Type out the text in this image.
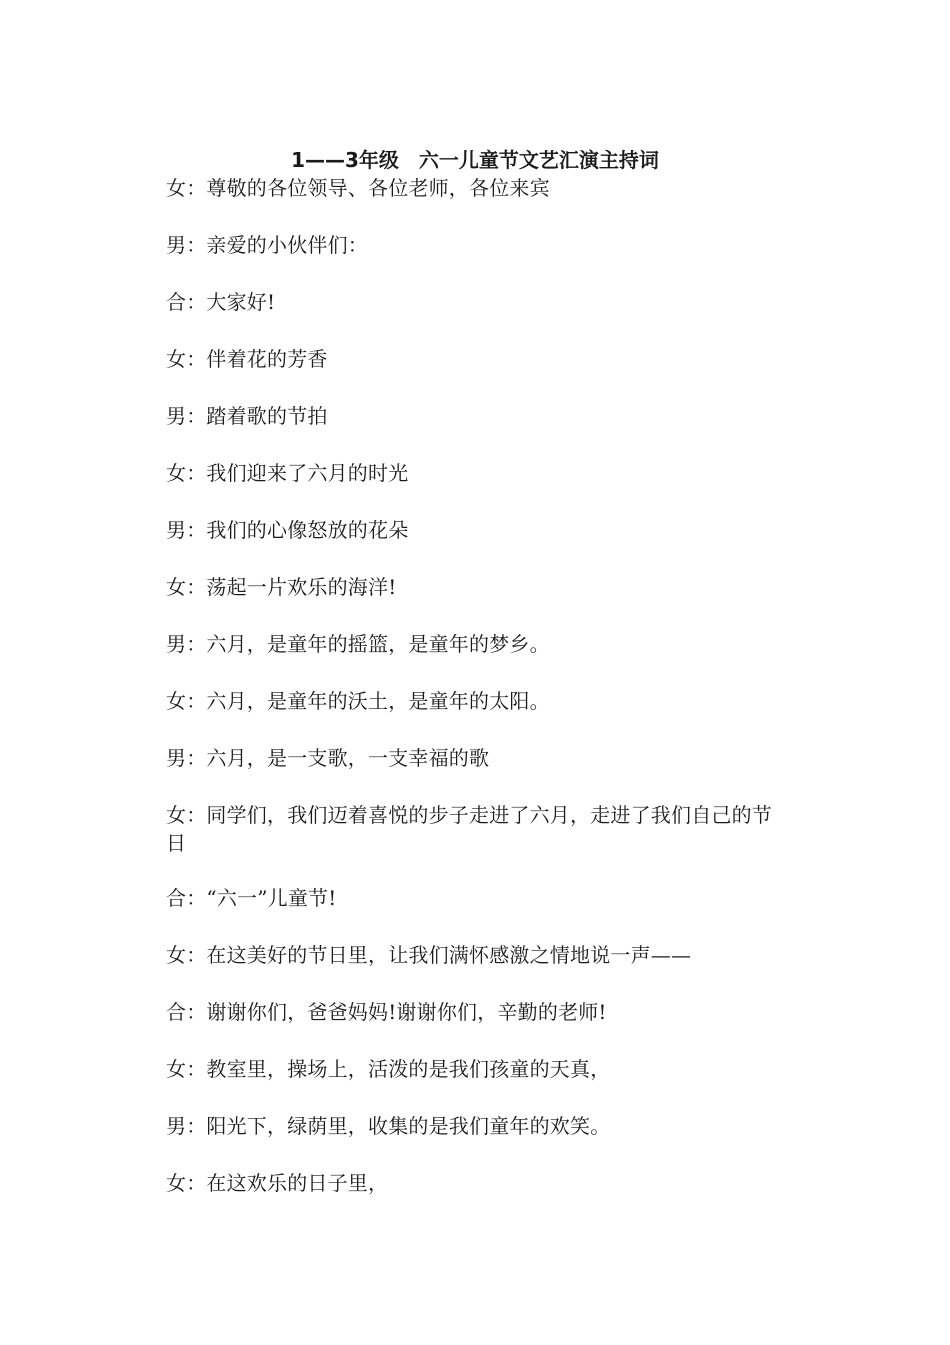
1——3年级　六一儿童节文艺汇演主持词
女：尊敬的各位领导、各位老师，各位来宾
男：亲爱的小伙伴们：
合：大家好!
女：伴着花的芳香
男：踏着歌的节拍
女：我们迎来了六月的时光
男：我们的心像怒放的花朵
女：荡起一片欢乐的海洋!
男：六月，是童年的摇篮，是童年的梦乡。
女：六月，是童年的沃土，是童年的太阳。
男：六月，是一支歌，一支幸福的歌
女：同学们，我们迈着喜悦的步子走进了六月，走进了我们自己的节日
合：“六一”儿童节!
女：在这美好的节日里，让我们满怀感激之情地说一声——
合：谢谢你们，爸爸妈妈!谢谢你们，辛勤的老师!
女：教室里，操场上，活泼的是我们孩童的天真，
男：阳光下，绿荫里，收集的是我们童年的欢笑。
女：在这欢乐的日子里，
